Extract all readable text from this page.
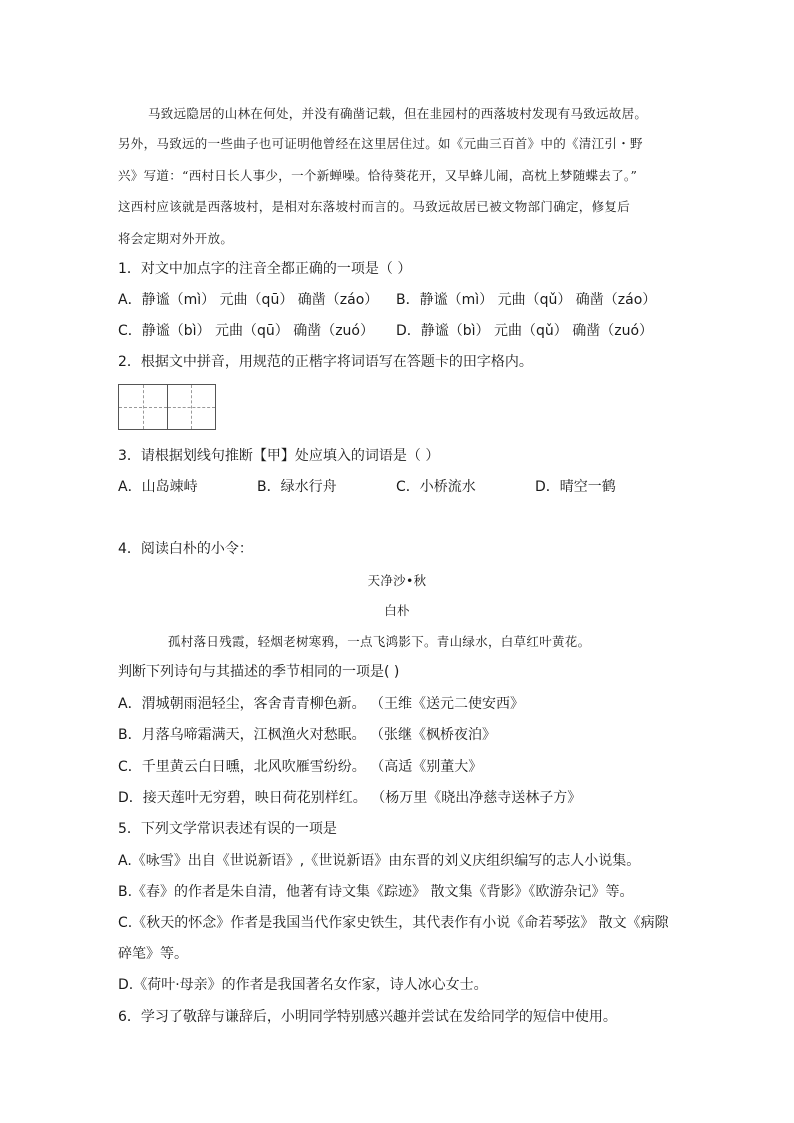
马致远隐居的山林在何处，并没有确凿记载，但在韭园村的西落坡村发现有马致远故居。
另外，马致远的一些曲子也可证明他曾经在这里居住过。如《元曲三百首》中的《清江引・野
兴》写道：“西村日长人事少，一个新蝉噪。恰待葵花开，又早蜂儿闹，高枕上梦随蝶去了。”
这西村应该就是西落坡村，是相对东落坡村而言的。马致远故居已被文物部门确定，修复后
将会定期对外开放。
1．对文中加点字的注音全都正确的一项是（ ）
A．静谧（mì） 元曲（qū） 确凿（záo） B．静谧（mì） 元曲（qǔ） 确凿（záo）
C．静谧（bì） 元曲（qū） 确凿（zuó） D．静谧（bì） 元曲（qǔ） 确凿（zuó）
2．根据文中拼音，用规范的正楷字将词语写在答题卡的田字格内。
3．请根据划线句推断【甲】处应填入的词语是（ ）
A．山岛竦峙	B．绿水行舟	C．小桥流水	D．晴空一鹤
4．阅读白朴的小令：
天净沙•秋
白朴
孤村落日残霞，轻烟老树寒鸦，一点飞鸿影下。青山绿水，白草红叶黄花。
判断下列诗句与其描述的季节相同的一项是( )
A．渭城朝雨浥轻尘，客舍青青柳色新。 （王维《送元二使安西》
B．月落乌啼霜满天，江枫渔火对愁眠。 （张继《枫桥夜泊》
C．千里黄云白日曛，北风吹雁雪纷纷。 （高适《别董大》
D．接天莲叶无穷碧，映日荷花别样红。 （杨万里《晓出净慈寺送林子方》
5．下列文学常识表述有误的一项是
A.《咏雪》出自《世说新语》,《世说新语》由东晋的刘义庆组织编写的志人小说集。
B.《春》的作者是朱自清，他著有诗文集《踪迹》 散文集《背影》《欧游杂记》等。
C.《秋天的怀念》作者是我国当代作家史铁生，其代表作有小说《命若琴弦》 散文《病隙
碎笔》等。
D.《荷叶·母亲》的作者是我国著名女作家，诗人冰心女士。
6．学习了敬辞与谦辞后，小明同学特别感兴趣并尝试在发给同学的短信中使用。
